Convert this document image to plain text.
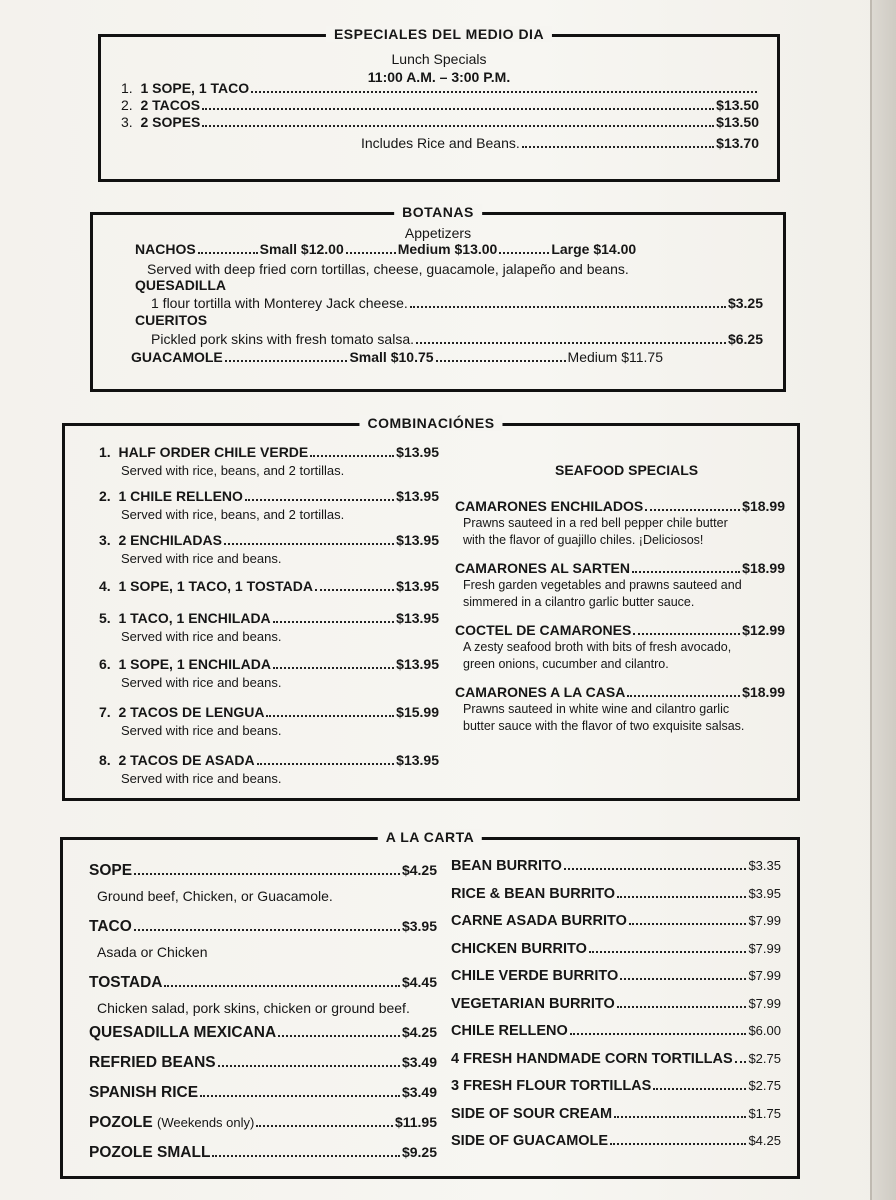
ESPECIALES DEL MEDIO DIA
Lunch Specials
11:00 A.M. – 3:00 P.M.
1.
1 SOPE, 1 TACO
2.
2 TACOS	$13.50
3.
2 SOPES	$13.50
Includes Rice and Beans.	$13.70
BOTANAS
Appetizers
NACHOS	Small $12.00	Medium $13.00	Large $14.00
Served with deep fried corn tortillas, cheese, guacamole, jalapeño and beans.
QUESADILLA
1 flour tortilla with Monterey Jack cheese.	$3.25
CUERITOS
Pickled pork skins with fresh tomato salsa.	$6.25
GUACAMOLE	Small $10.75	Medium $11.75
COMBINACIÓNES
SEAFOOD SPECIALS
1.
HALF ORDER CHILE VERDE	$13.95
Served with rice, beans, and 2 tortillas.
2.
1 CHILE RELLENO	$13.95
Served with rice, beans, and 2 tortillas.
3.
2 ENCHILADAS	$13.95
Served with rice and beans.
4.
1 SOPE, 1 TACO, 1 TOSTADA	$13.95
5.
1 TACO, 1 ENCHILADA	$13.95
Served with rice and beans.
6.
1 SOPE, 1 ENCHILADA	$13.95
Served with rice and beans.
7.
2 TACOS DE LENGUA	$15.99
Served with rice and beans.
8.
2 TACOS DE ASADA	$13.95
Served with rice and beans.
CAMARONES ENCHILADOS	$18.99
Prawns sauteed in a red bell pepper chile butter
with the flavor of guajillo chiles. ¡Deliciosos!
CAMARONES AL SARTEN	$18.99
Fresh garden vegetables and prawns sauteed and
simmered in a cilantro garlic butter sauce.
COCTEL DE CAMARONES	$12.99
A zesty seafood broth with bits of fresh avocado,
green onions, cucumber and cilantro.
CAMARONES A LA CASA	$18.99
Prawns sauteed in white wine and cilantro garlic
butter sauce with the flavor of two exquisite salsas.
A LA CARTA
SOPE	$4.25
Ground beef, Chicken, or Guacamole.
TACO	$3.95
Asada or Chicken
TOSTADA	$4.45
Chicken salad, pork skins, chicken or ground beef.
QUESADILLA MEXICANA	$4.25
REFRIED BEANS	$3.49
SPANISH RICE	$3.49
POZOLE
(Weekends only)	$11.95
POZOLE SMALL	$9.25
BEAN BURRITO	$3.35
RICE & BEAN BURRITO	$3.95
CARNE ASADA BURRITO	$7.99
CHICKEN BURRITO	$7.99
CHILE VERDE BURRITO	$7.99
VEGETARIAN BURRITO	$7.99
CHILE RELLENO	$6.00
4 FRESH HANDMADE CORN TORTILLAS $2.75
3 FRESH FLOUR TORTILLAS	$2.75
SIDE OF SOUR CREAM	$1.75
SIDE OF GUACAMOLE	$4.25
